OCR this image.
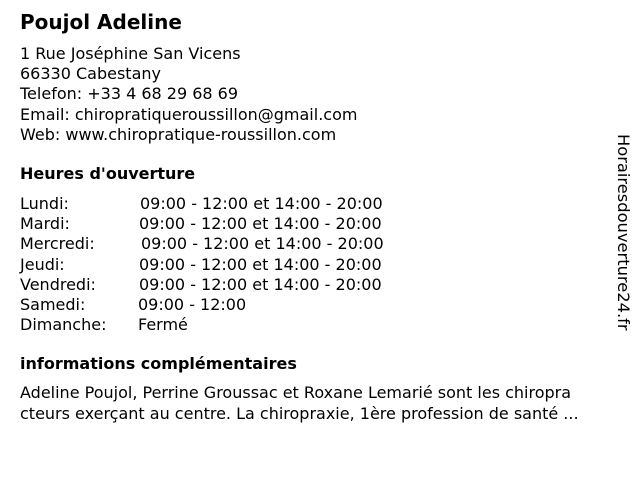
Poujol Adeline
1 Rue Joséphine San Vicens
66330 Cabestany
Telefon: +33 4 68 29 68 69
Email: chiropratiqueroussillon@gmail.com
Web: www.chiropratique-roussillon.com
Heures d'ouverture
Lundi:	09:00 - 12:00 et 14:00 - 20:00
Mardi:	09:00 - 12:00 et 14:00 - 20:00
Mercredi:	09:00 - 12:00 et 14:00 - 20:00
Jeudi:	09:00 - 12:00 et 14:00 - 20:00
Vendredi:	09:00 - 12:00 et 14:00 - 20:00
Samedi:	09:00 - 12:00
Dimanche: Fermé
informations complémentaires
Adeline Poujol, Perrine Groussac et Roxane Lemarié sont les chiropra
cteurs exerçant au centre. La chiropraxie, 1ère profession de santé ...
Horairesdouverture24.fr
